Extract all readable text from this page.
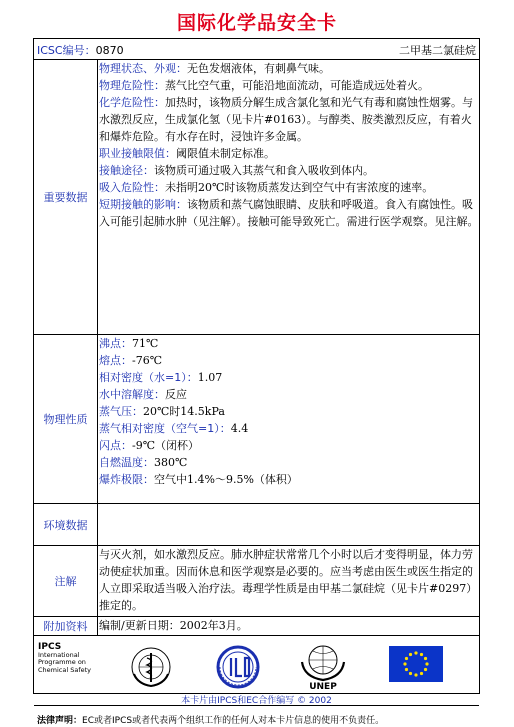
国际化学品安全卡
ICSC编号：0870	二甲基二氯硅烷
重要数据
物理状态、外观：无色发烟液体，有刺鼻气味。
物理危险性：蒸气比空气重，可能沿地面流动，可能造成远处着火。
化学危险性：加热时，该物质分解生成含氯化氢和光气有毒和腐蚀性烟雾。与水激烈反应，生成氯化氢（见卡片#0163）。与醇类、胺类激烈反应，有着火和爆炸危险。有水存在时，浸蚀许多金属。
职业接触限值：阈限值未制定标准。
接触途径：该物质可通过吸入其蒸气和食入吸收到体内。
吸入危险性：未指明20℃时该物质蒸发达到空气中有害浓度的速率。
短期接触的影响：该物质和蒸气腐蚀眼睛、皮肤和呼吸道。食入有腐蚀性。吸入可能引起肺水肿（见注解）。接触可能导致死亡。需进行医学观察。见注解。
物理性质
沸点：71℃
熔点：-76℃
相对密度（水=1）：1.07
水中溶解度：反应
蒸气压：20℃时14.5kPa
蒸气相对密度（空气=1）：4.4
闪点：-9℃（闭杯）
自燃温度：380℃
爆炸极限：空气中1.4%～9.5%（体积）
环境数据
注解
与灭火剂，如水激烈反应。肺水肿症状常常几个小时以后才变得明显，体力劳动使症状加重。因而休息和医学观察是必要的。应当考虑由医生或医生指定的人立即采取适当吸入治疗法。毒理学性质是由甲基二氯硅烷（见卡片#0297）推定的。
附加资料	编制/更新日期：2002年3月。
IPCS
International
Programme on
Chemical Safety
UNEP
本卡片由IPCS和EC合作编写 © 2002
法律声明：EC或者IPCS或者代表两个组织工作的任何人对本卡片信息的使用不负责任。
